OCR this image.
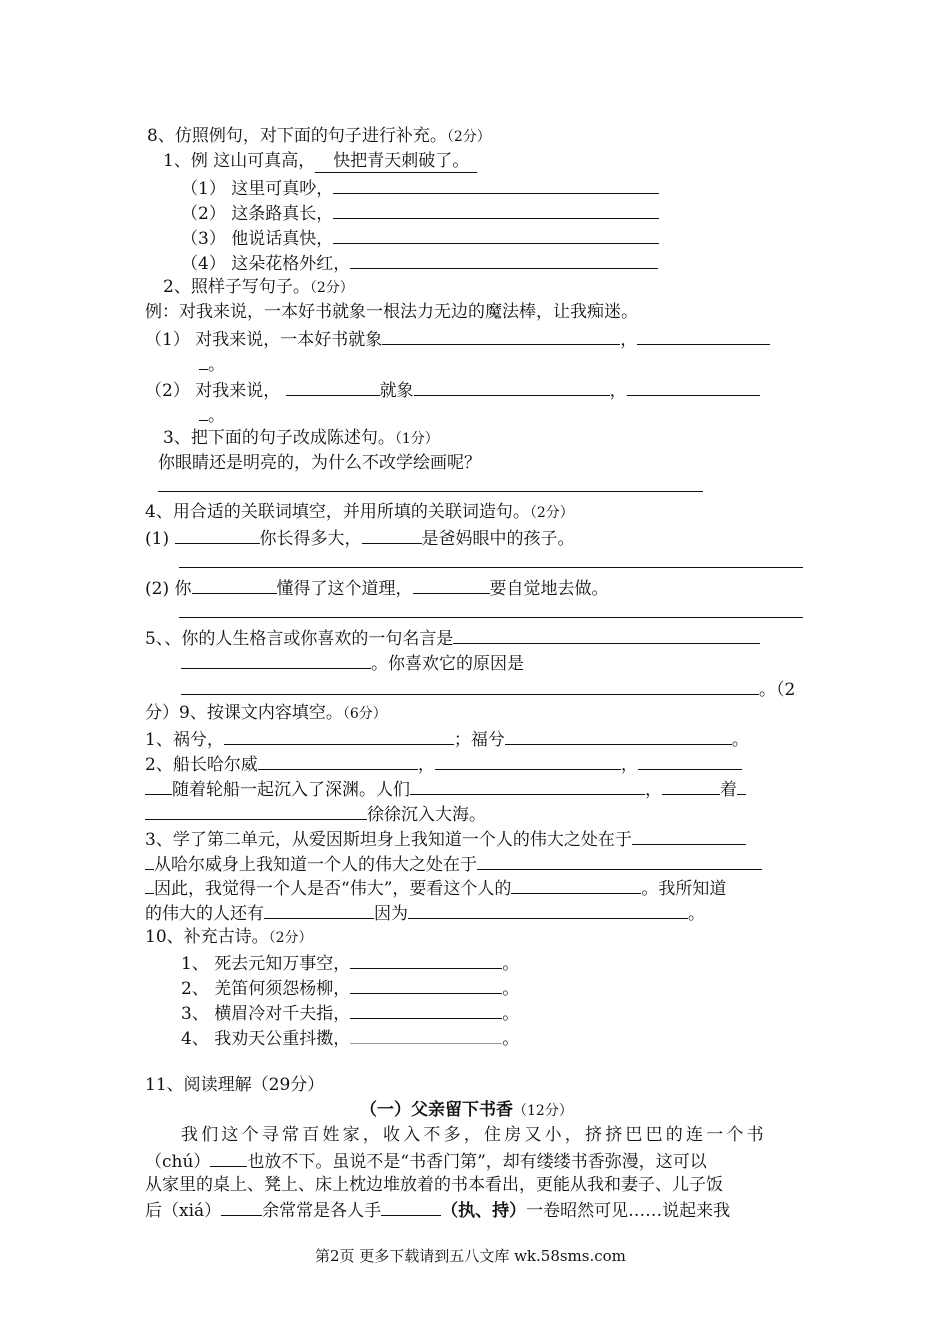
8、仿照例句，对下面的句子进行补充。（2分）
1、例 这山可真高， 快把青天刺破了。
（1） 这里可真吵，
（2） 这条路真长，
（3） 他说话真快，
（4） 这朵花格外红，
2、照样子写句子。（2分）
例：对我来说，一本好书就象一根法力无边的魔法棒，让我痴迷。
（1） 对我来说，一本好书就象	，
。
（2） 对我来说，	就象	，
。
3、把下面的句子改成陈述句。（1分）
你眼睛还是明亮的，为什么不改学绘画呢？
4、用合适的关联词填空，并用所填的关联词造句。（2分）
(1)	你长得多大，	是爸妈眼中的孩子。
(2) 你	懂得了这个道理，	要自觉地去做。
5、、你的人生格言或你喜欢的一句名言是
。你喜欢它的原因是
。（2
分）9、按课文内容填空。（6分）
1、祸兮，	；福兮	。
2、船长哈尔威	，	，
随着轮船一起沉入了深渊。人们	，	着
徐徐沉入大海。
3、学了第二单元，从爱因斯坦身上我知道一个人的伟大之处在于
从哈尔威身上我知道一个人的伟大之处在于
因此，我觉得一个人是否“伟大”，要看这个人的	。我所知道
的伟大的人还有	因为	。
10、补充古诗。（2分）
1、 死去元知万事空，	。
2、 羌笛何须怨杨柳，	。
3、 横眉冷对千夫指，	。
4、 我劝天公重抖擞，	。
11、阅读理解（29分）
（一）父亲留下书香（12分）
我们这个寻常百姓家，收入不多，住房又小，挤挤巴巴的连一个书
（chú） 也放不下。虽说不是“书香门第”，却有缕缕书香弥漫，这可以
从家里的桌上、凳上、床上枕边堆放着的书本看出，更能从我和妻子、儿子饭
后（xiá） 余常常是各人手	（执、持）一卷昭然可见……说起来我
第2页 更多下载请到五八文库 wk.58sms.com
